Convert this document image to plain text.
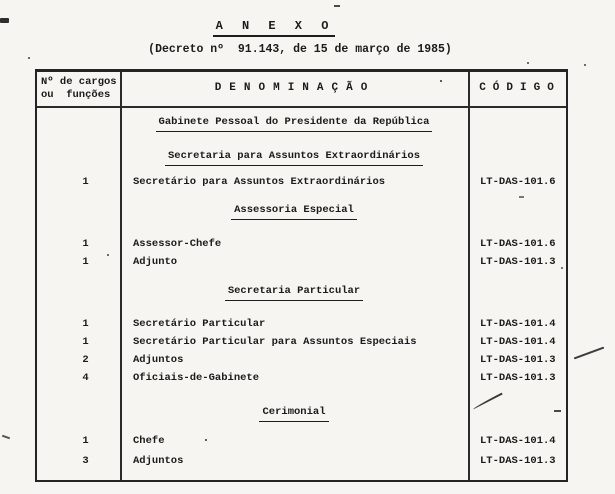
A N E X O
(Decreto nº  91.143, de 15 de março de 1985)
Nº de cargos
ou  funções
DENOMINAÇÃO	CÓDIGO
Gabinete Pessoal do Presidente da República
Secretaria para Assuntos Extraordinários
1	Secretário para Assuntos Extraordinários	LT-DAS-101.6
Assessoria Especial
1	Assessor-Chefe	LT-DAS-101.6
1	Adjunto	LT-DAS-101.3
Secretaria Particular
1	Secretário Particular	LT-DAS-101.4
1	Secretário Particular para Assuntos Especiais	LT-DAS-101.4
2	Adjuntos	LT-DAS-101.3
4	Oficiais-de-Gabinete	LT-DAS-101.3
Cerimonial
1	Chefe	LT-DAS-101.4
3	Adjuntos	LT-DAS-101.3
